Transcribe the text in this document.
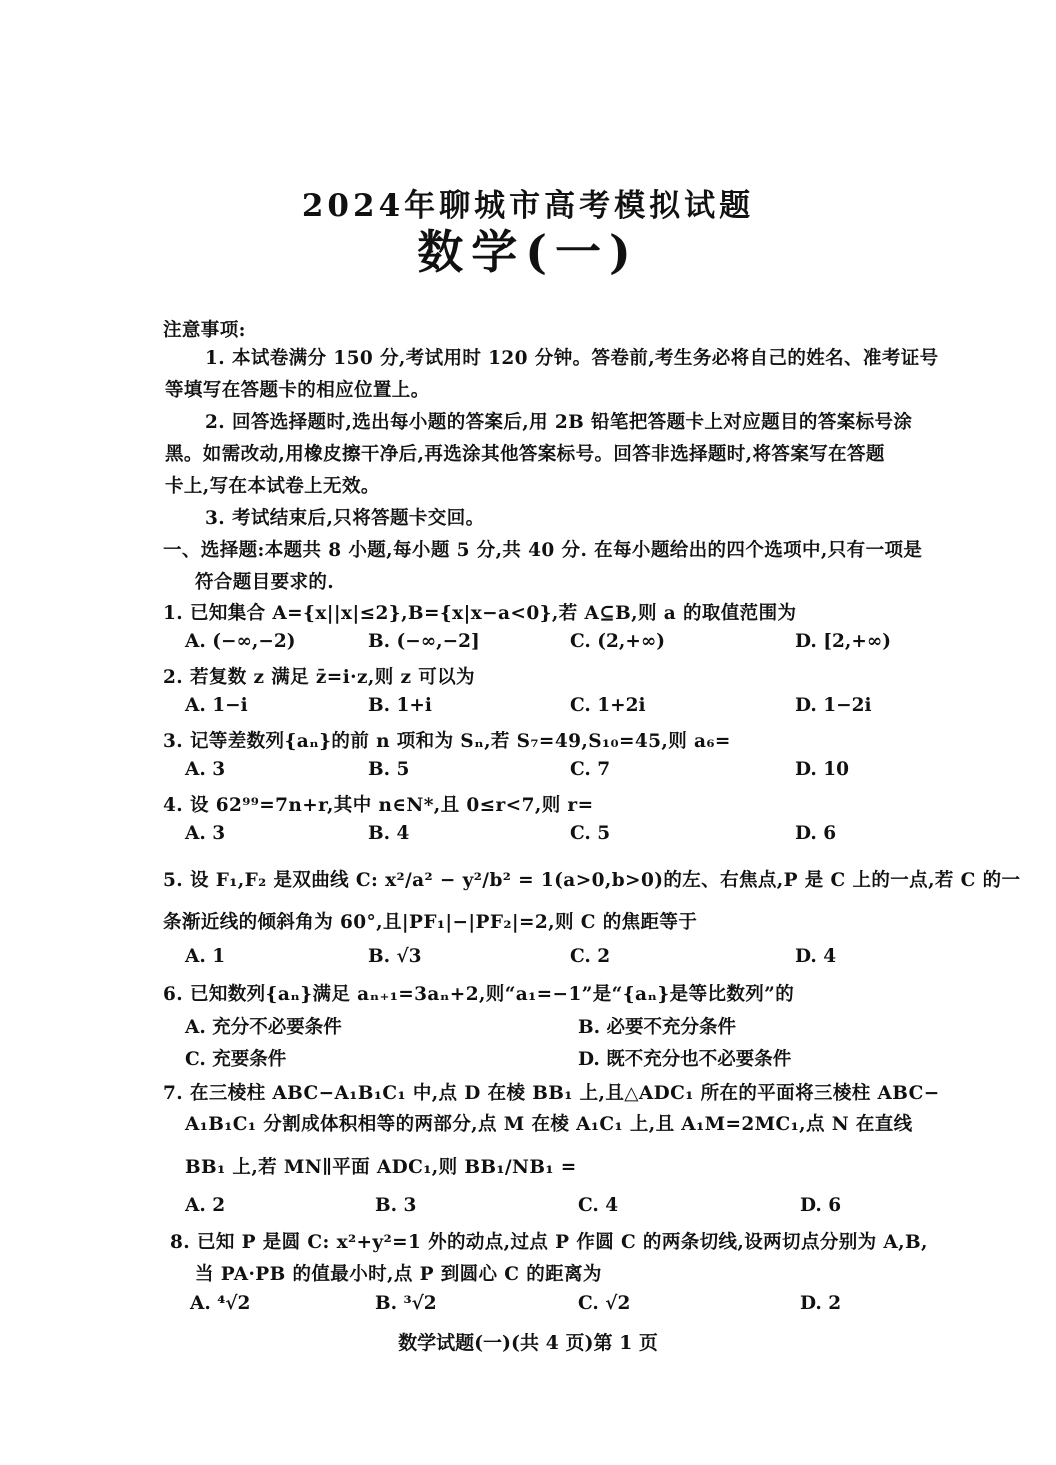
2024年聊城市高考模拟试题
数学(一)
注意事项:
1. 本试卷满分 150 分,考试用时 120 分钟。答卷前,考生务必将自己的姓名、准考证号
等填写在答题卡的相应位置上。
2. 回答选择题时,选出每小题的答案后,用 2B 铅笔把答题卡上对应题目的答案标号涂
黑。如需改动,用橡皮擦干净后,再选涂其他答案标号。回答非选择题时,将答案写在答题
卡上,写在本试卷上无效。
3. 考试结束后,只将答题卡交回。
一、选择题:本题共 8 小题,每小题 5 分,共 40 分. 在每小题给出的四个选项中,只有一项是
符合题目要求的.
1. 已知集合 A={x||x|≤2},B={x|x−a<0},若 A⊆B,则 a 的取值范围为
A. (−∞,−2)	B. (−∞,−2]	C. (2,+∞)	D. [2,+∞)
2. 若复数 z 满足 z̄=i·z,则 z 可以为
A. 1−i	B. 1+i	C. 1+2i	D. 1−2i
3. 记等差数列{aₙ}的前 n 项和为 Sₙ,若 S₇=49,S₁₀=45,则 a₆=
A. 3	B. 5	C. 7	D. 10
4. 设 62⁹⁹=7n+r,其中 n∈N*,且 0≤r<7,则 r=
A. 3	B. 4	C. 5	D. 6
5. 设 F₁,F₂ 是双曲线 C: x²/a² − y²/b² = 1(a>0,b>0)的左、右焦点,P 是 C 上的一点,若 C 的一
条渐近线的倾斜角为 60°,且|PF₁|−|PF₂|=2,则 C 的焦距等于
A. 1	B. √3	C. 2	D. 4
6. 已知数列{aₙ}满足 aₙ₊₁=3aₙ+2,则“a₁=−1”是“{aₙ}是等比数列”的
A. 充分不必要条件	B. 必要不充分条件
C. 充要条件	D. 既不充分也不必要条件
7. 在三棱柱 ABC−A₁B₁C₁ 中,点 D 在棱 BB₁ 上,且△ADC₁ 所在的平面将三棱柱 ABC−
A₁B₁C₁ 分割成体积相等的两部分,点 M 在棱 A₁C₁ 上,且 A₁M=2MC₁,点 N 在直线
BB₁ 上,若 MN∥平面 ADC₁,则 BB₁/NB₁ =
A. 2	B. 3	C. 4	D. 6
8. 已知 P 是圆 C: x²+y²=1 外的动点,过点 P 作圆 C 的两条切线,设两切点分别为 A,B,
当 PA·PB 的值最小时,点 P 到圆心 C 的距离为
A. ⁴√2	B. ³√2	C. √2	D. 2
数学试题(一)(共 4 页)第 1 页
